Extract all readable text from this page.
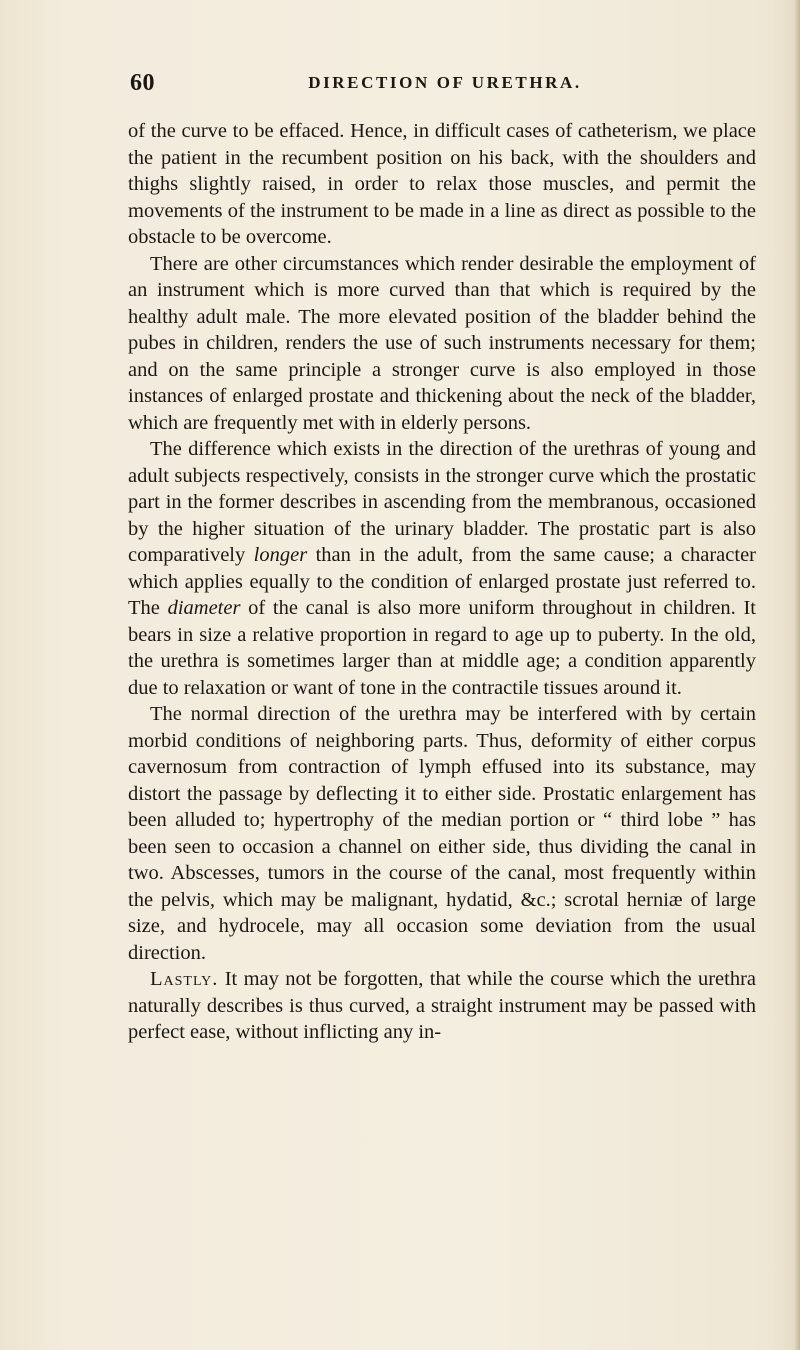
60	DIRECTION OF URETHRA.

of the curve to be effaced. Hence, in difficult cases of catheterism, we place the patient in the recumbent position on his back, with the shoulders and thighs slightly raised, in order to relax those muscles, and permit the movements of the instrument to be made in a line as direct as possible to the obstacle to be overcome.

There are other circumstances which render desirable the employment of an instrument which is more curved than that which is required by the healthy adult male. The more elevated position of the bladder behind the pubes in children, renders the use of such instruments necessary for them; and on the same principle a stronger curve is also employed in those instances of enlarged prostate and thickening about the neck of the bladder, which are frequently met with in elderly persons.

The difference which exists in the direction of the urethras of young and adult subjects respectively, consists in the stronger curve which the prostatic part in the former describes in ascending from the membranous, occasioned by the higher situation of the urinary bladder. The prostatic part is also comparatively longer than in the adult, from the same cause; a character which applies equally to the condition of enlarged prostate just referred to. The diameter of the canal is also more uniform throughout in children. It bears in size a relative proportion in regard to age up to puberty. In the old, the urethra is sometimes larger than at middle age; a condition apparently due to relaxation or want of tone in the contractile tissues around it.

The normal direction of the urethra may be interfered with by certain morbid conditions of neighboring parts. Thus, deformity of either corpus cavernosum from contraction of lymph effused into its substance, may distort the passage by deflecting it to either side. Prostatic enlargement has been alluded to; hypertrophy of the median portion or “ third lobe ” has been seen to occasion a channel on either side, thus dividing the canal in two. Abscesses, tumors in the course of the canal, most frequently within the pelvis, which may be malignant, hydatid, &c.; scrotal herniæ of large size, and hydrocele, may all occasion some deviation from the usual direction.

Lastly. It may not be forgotten, that while the course which the urethra naturally describes is thus curved, a straight instrument may be passed with perfect ease, without inflicting any in-
